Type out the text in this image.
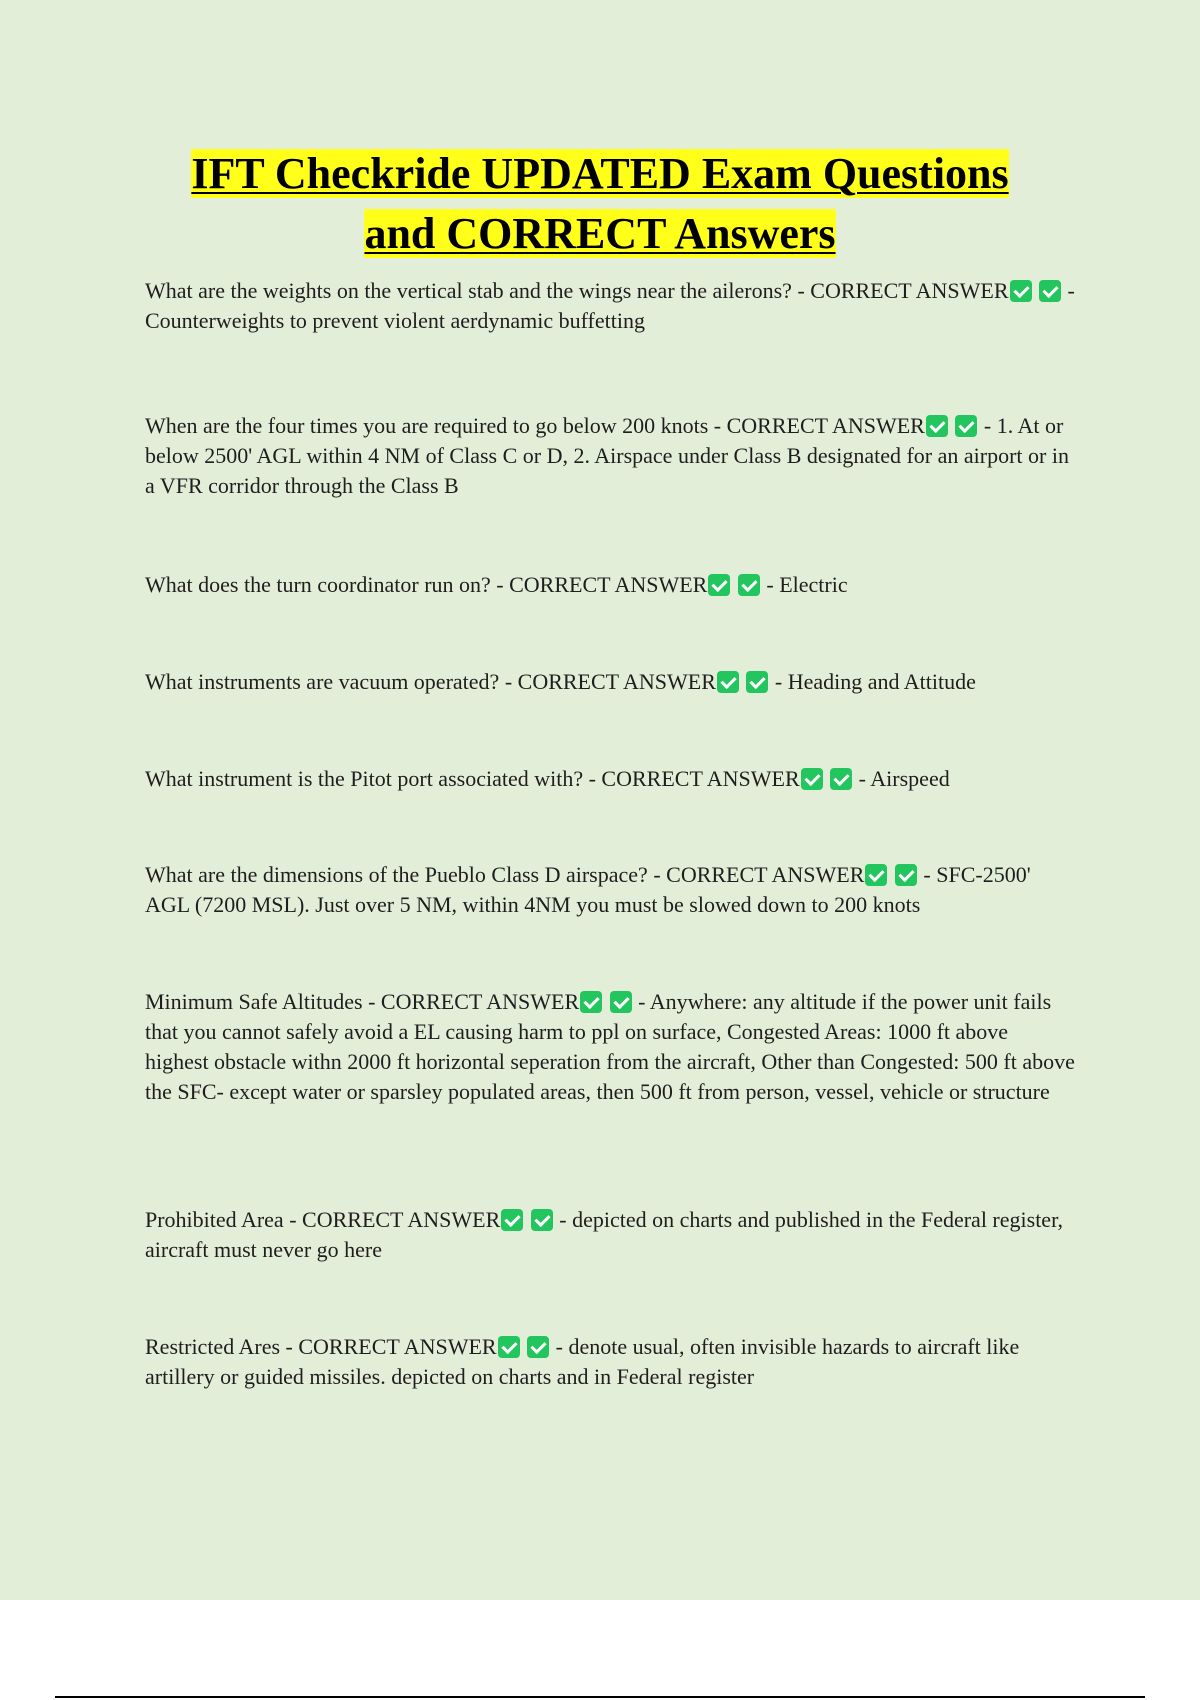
IFT Checkride UPDATED Exam Questions
and CORRECT Answers

What are the weights on the vertical stab and the wings near the ailerons? - CORRECT ANSWER  - Counterweights to prevent violent aerdynamic buffetting

When are the four times you are required to go below 200 knots - CORRECT ANSWER  - 1. At or below 2500' AGL within 4 NM of Class C or D, 2. Airspace under Class B designated for an airport or in a VFR corridor through the Class B

What does the turn coordinator run on? - CORRECT ANSWER  - Electric

What instruments are vacuum operated? - CORRECT ANSWER  - Heading and Attitude

What instrument is the Pitot port associated with? - CORRECT ANSWER  - Airspeed

What are the dimensions of the Pueblo Class D airspace? - CORRECT ANSWER  - SFC-2500' AGL (7200 MSL). Just over 5 NM, within 4NM you must be slowed down to 200 knots

Minimum Safe Altitudes - CORRECT ANSWER  - Anywhere: any altitude if the power unit fails that you cannot safely avoid a EL causing harm to ppl on surface, Congested Areas: 1000 ft above highest obstacle withn 2000 ft horizontal seperation from the aircraft, Other than Congested: 500 ft above the SFC- except water or sparsley populated areas, then 500 ft from person, vessel, vehicle or structure

Prohibited Area - CORRECT ANSWER  - depicted on charts and published in the Federal register, aircraft must never go here

Restricted Ares - CORRECT ANSWER  - denote usual, often invisible hazards to aircraft like artillery or guided missiles. depicted on charts and in Federal register
